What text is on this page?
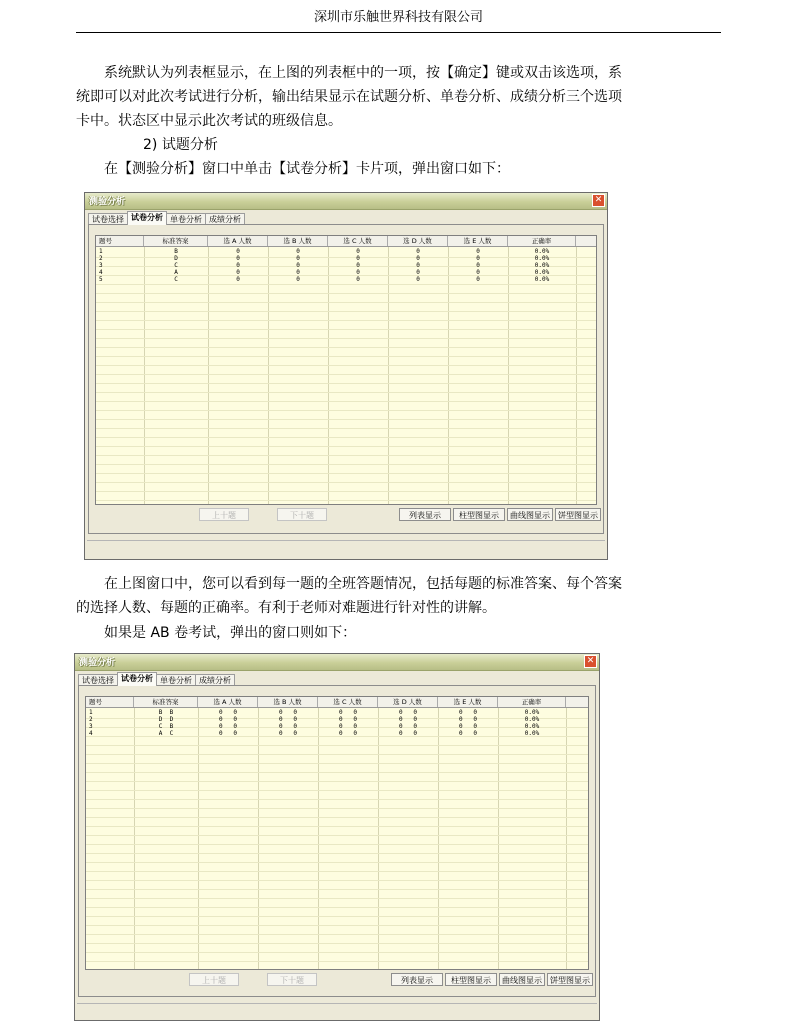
深圳市乐触世界科技有限公司
系统默认为列表框显示，在上图的列表框中的一项，按【确定】键或双击该选项，系
统即可以对此次考试进行分析，输出结果显示在试题分析、单卷分析、成绩分析三个选项
卡中。状态区中显示此次考试的班级信息。
2) 试题分析
在【测验分析】窗口中单击【试卷分析】卡片项，弹出窗口如下：
测验分析	✕
试卷选择 试卷分析 单卷分析 成绩分析
题号	标准答案	选 A 人数	选 B 人数	选 C 人数	选 D 人数	选 E 人数	正确率
1	B	0	0	0	0	0	0.0%
2	D	0	0	0	0	0	0.0%
3	C	0	0	0	0	0	0.0%
4	A	0	0	0	0	0	0.0%
5	C	0	0	0	0	0	0.0%
上十题	下十题	列表显示	柱型图显示	曲线图显示	饼型图显示
在上图窗口中，您可以看到每一题的全班答题情况，包括每题的标准答案、每个答案
的选择人数、每题的正确率。有利于老师对难题进行针对性的讲解。
如果是 AB 卷考试，弹出的窗口则如下：
测验分析	✕
试卷选择 试卷分析 单卷分析 成绩分析
题号	标准答案	选 A 人数	选 B 人数	选 C 人数	选 D 人数	选 E 人数	正确率
1	B  B	0   0	0   0	0   0	0   0	0   0	0.0%
2	D  D	0   0	0   0	0   0	0   0	0   0	0.0%
3	C  B	0   0	0   0	0   0	0   0	0   0	0.0%
4	A  C	0   0	0   0	0   0	0   0	0   0	0.0%
上十题	下十题	列表显示	柱型图显示	曲线图显示	饼型图显示
